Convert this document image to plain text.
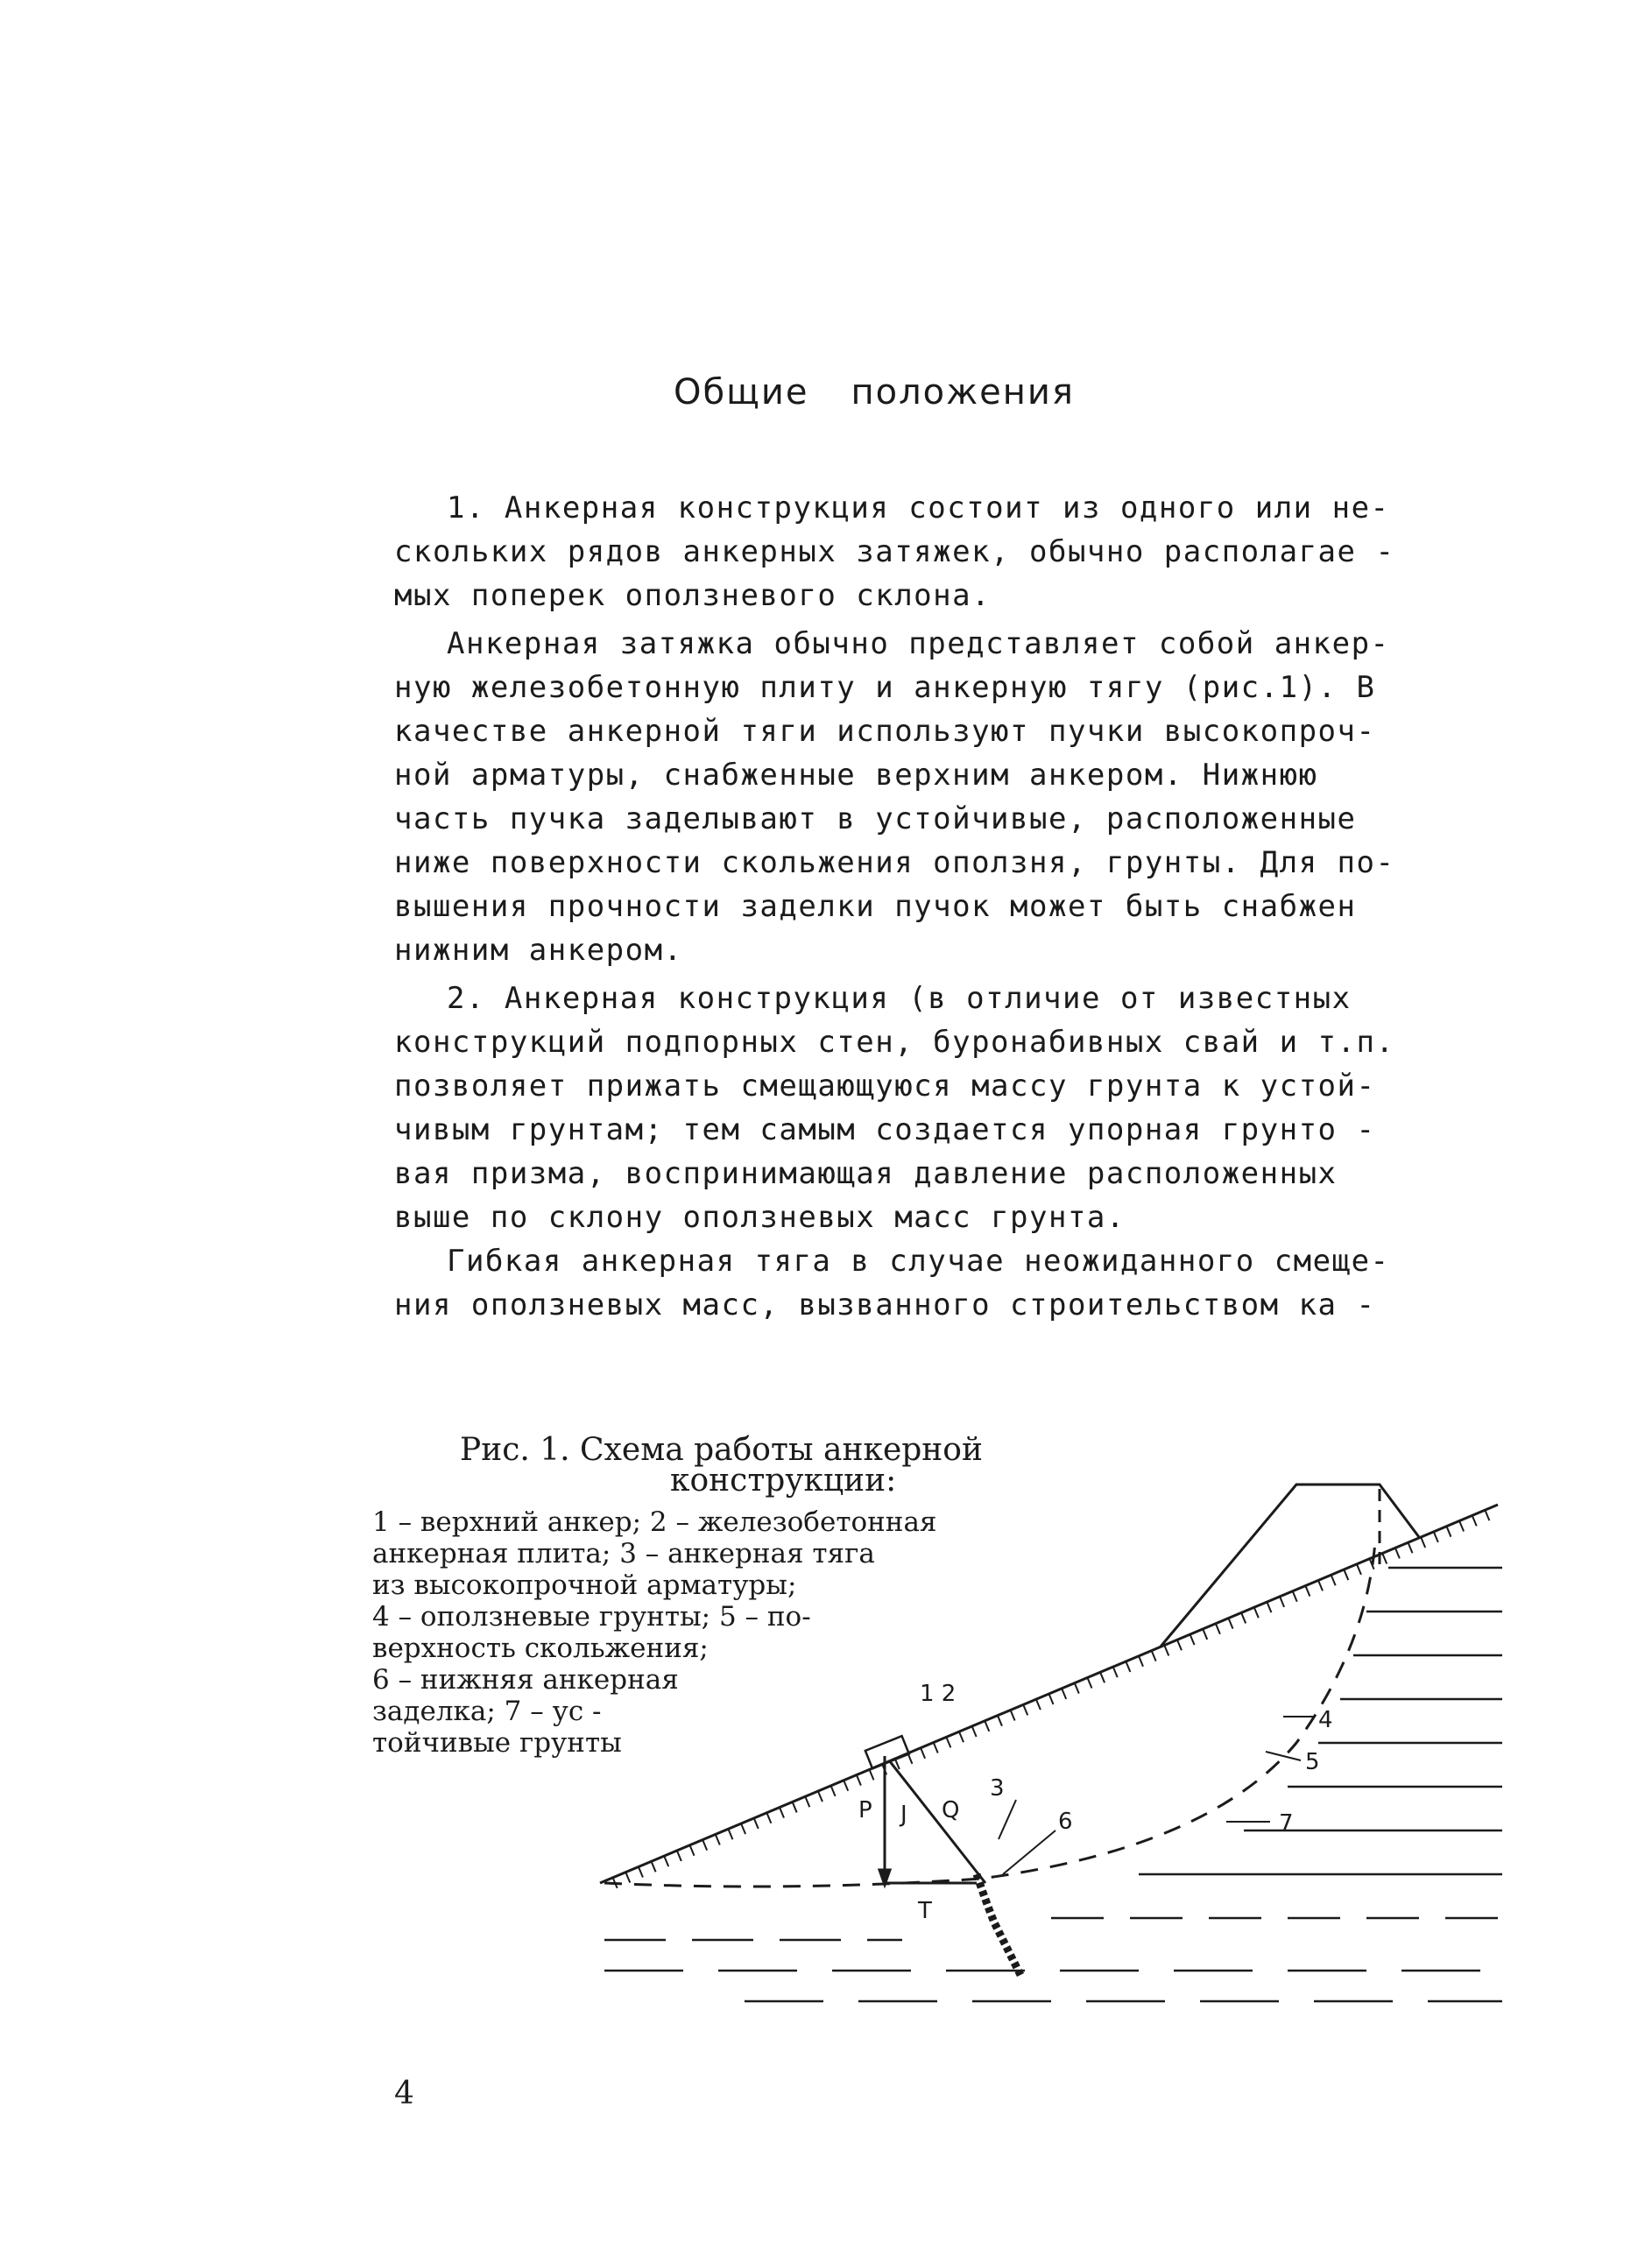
Общие положения
1. Анкерная конструкция состоит из одного или не-
скольких рядов анкерных затяжек, обычно располагае -
мых поперек оползневого склона.
Анкерная затяжка обычно представляет собой анкер-
ную железобетонную плиту и анкерную тягу (рис.1). В
качестве анкерной тяги используют пучки высокопроч-
ной арматуры, снабженные верхним анкером. Нижнюю
часть пучка заделывают в устойчивые, расположенные
ниже поверхности скольжения оползня, грунты. Для по-
вышения прочности заделки пучок может быть снабжен
нижним анкером.
2. Анкерная конструкция (в отличие от известных
конструкций подпорных стен, буронабивных свай и т.п.
позволяет прижать смещающуюся массу грунта к устой-
чивым грунтам; тем самым создается упорная грунто -
вая призма, воспринимающая давление расположенных
выше по склону оползневых масс грунта.
Гибкая анкерная тяга в случае неожиданного смеще-
ния оползневых масс, вызванного строительством ка -
Рис. 1. Схема работы анкерной
конструкции:
1 – верхний анкер; 2 – железобетонная
анкерная плита; 3 – анкерная тяга
из высокопрочной арматуры;
4 – оползневые грунты; 5 – по-
верхность скольжения;
6 – нижняя анкерная
заделка; 7 – ус -
тойчивые грунты
1 2
P J Q
3
6
T
4
5
7
4
